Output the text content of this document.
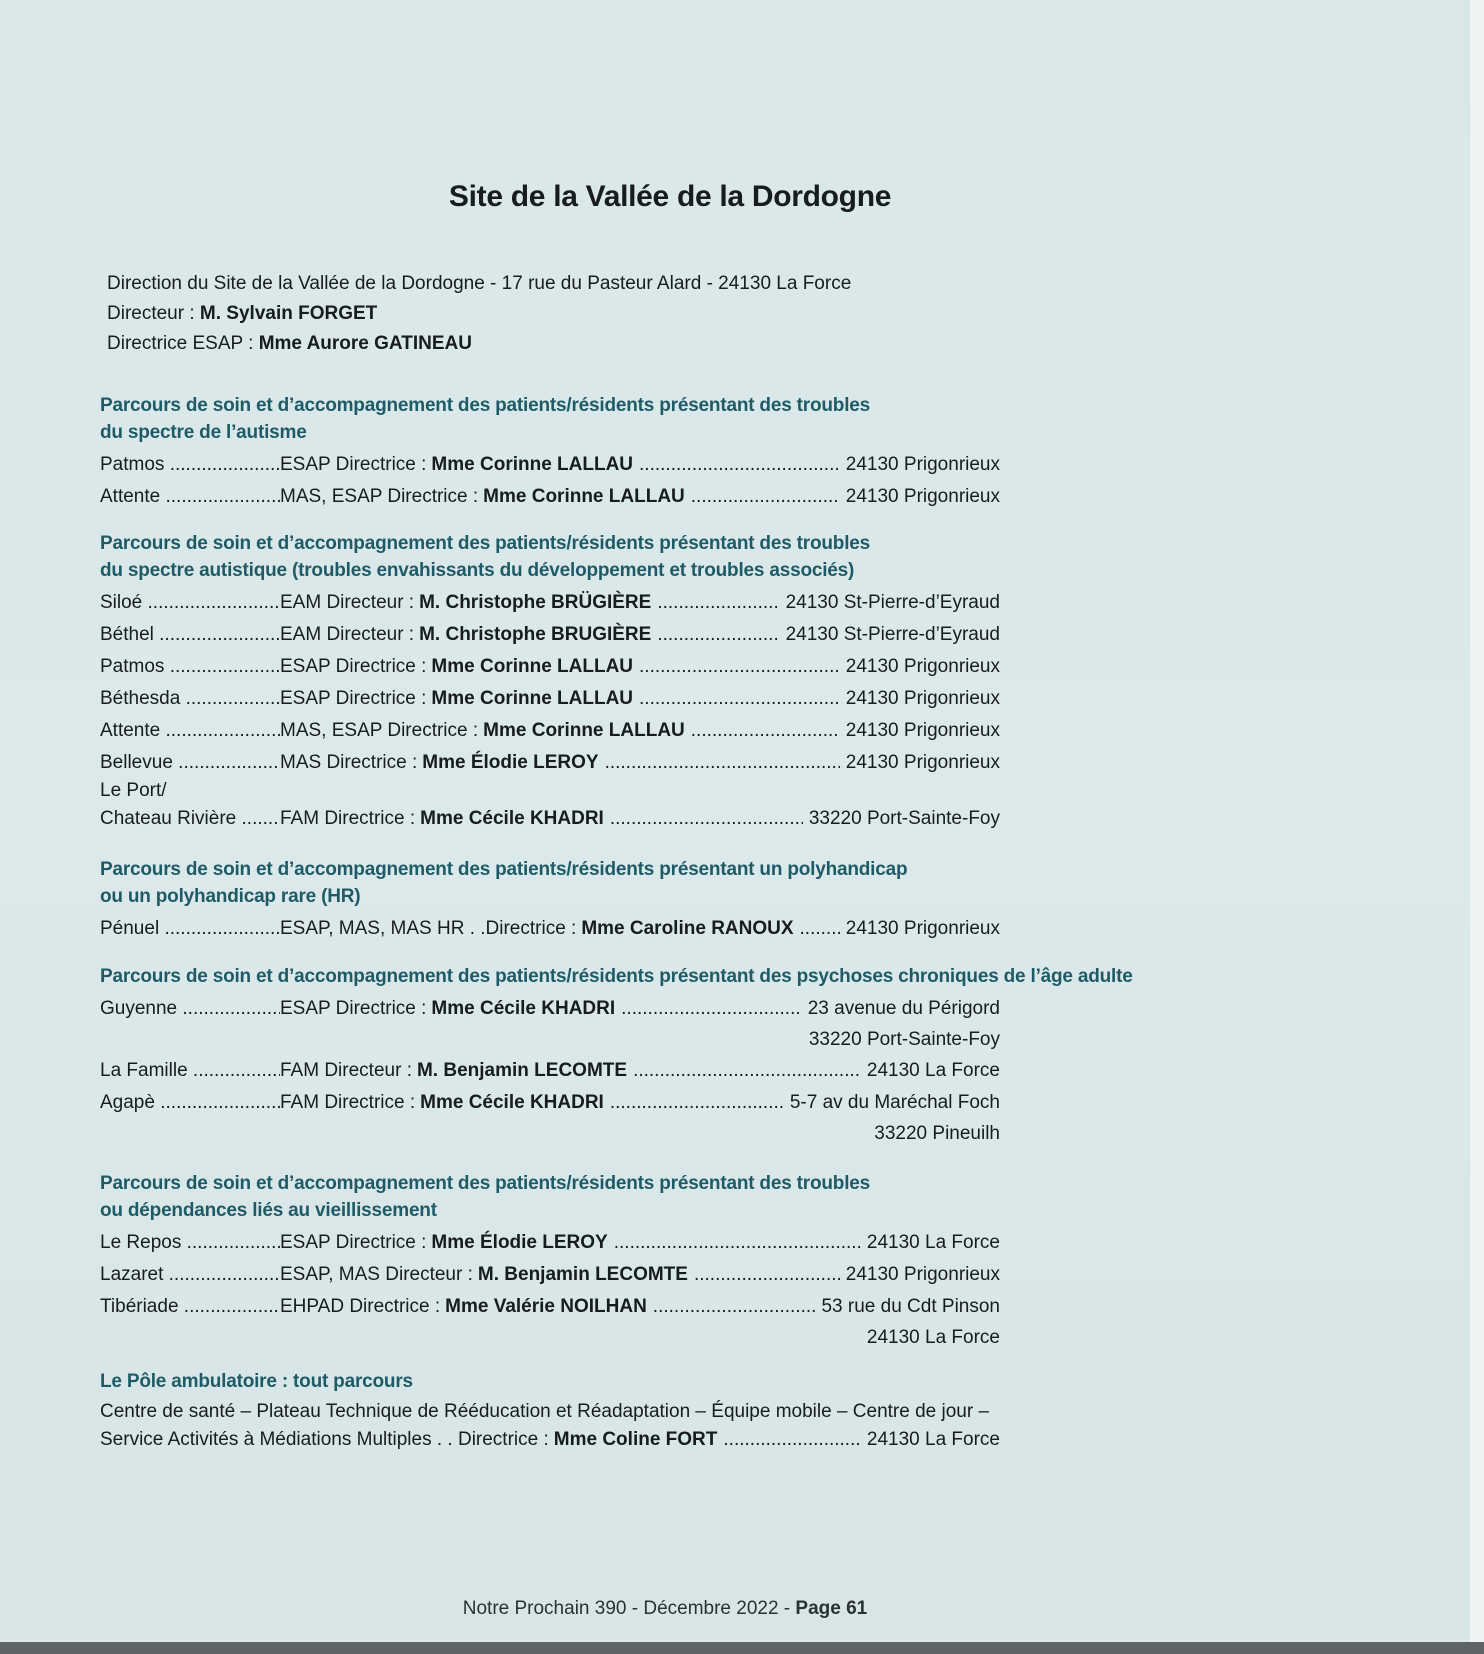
Site de la Vallée de la Dordogne
Direction du Site de la Vallée de la Dordogne - 17 rue du Pasteur Alard - 24130 La Force
Directeur : M. Sylvain FORGET
Directrice ESAP : Mme Aurore GATINEAU
Parcours de soin et d’accompagnement des patients/résidents présentant des troubles
du spectre de l’autisme
Patmos .....	ESAP Directrice : Mme Corinne LALLAU .....	24130 Prigonrieux
Attente .....	MAS, ESAP Directrice : Mme Corinne LALLAU .....	24130 Prigonrieux
Parcours de soin et d’accompagnement des patients/résidents présentant des troubles
du spectre autistique (troubles envahissants du développement et troubles associés)
Siloé .....	EAM Directeur : M. Christophe BRÜGIÈRE .....	24130 St-Pierre-d’Eyraud
Béthel .....	EAM Directeur : M. Christophe BRUGIÈRE .....	24130 St-Pierre-d’Eyraud
Patmos .....	ESAP Directrice : Mme Corinne LALLAU .....	24130 Prigonrieux
Béthesda .....	ESAP Directrice : Mme Corinne LALLAU .....	24130 Prigonrieux
Attente .....	MAS, ESAP Directrice : Mme Corinne LALLAU .....	24130 Prigonrieux
Bellevue .....	MAS Directrice : Mme Élodie LEROY .....	24130 Prigonrieux
Le Port/
Chateau Rivière .....	FAM Directrice : Mme Cécile KHADRI .....	33220 Port-Sainte-Foy
Parcours de soin et d’accompagnement des patients/résidents présentant un polyhandicap
ou un polyhandicap rare (HR)
Pénuel .....	ESAP, MAS, MAS HR . .Directrice : Mme Caroline RANOUX .....	24130 Prigonrieux
Parcours de soin et d’accompagnement des patients/résidents présentant des psychoses chroniques de l’âge adulte
Guyenne .....	ESAP Directrice : Mme Cécile KHADRI .....	23 avenue du Périgord
33220 Port-Sainte-Foy
La Famille .....	FAM Directeur : M. Benjamin LECOMTE .....	24130 La Force
Agapè .....	FAM Directrice : Mme Cécile KHADRI .....	5-7 av du Maréchal Foch
33220 Pineuilh
Parcours de soin et d’accompagnement des patients/résidents présentant des troubles
ou dépendances liés au vieillissement
Le Repos .....	ESAP Directrice : Mme Élodie LEROY .....	24130 La Force
Lazaret .....	ESAP, MAS Directeur : M. Benjamin LECOMTE .....	24130 Prigonrieux
Tibériade .....	EHPAD Directrice : Mme Valérie NOILHAN .....	53 rue du Cdt Pinson
24130 La Force
Le Pôle ambulatoire : tout parcours
Centre de santé – Plateau Technique de Rééducation et Réadaptation – Équipe mobile – Centre de jour –
Service Activités à Médiations Multiples . . Directrice : Mme Coline FORT .....	24130 La Force
Notre Prochain 390 - Décembre 2022 - Page 61
